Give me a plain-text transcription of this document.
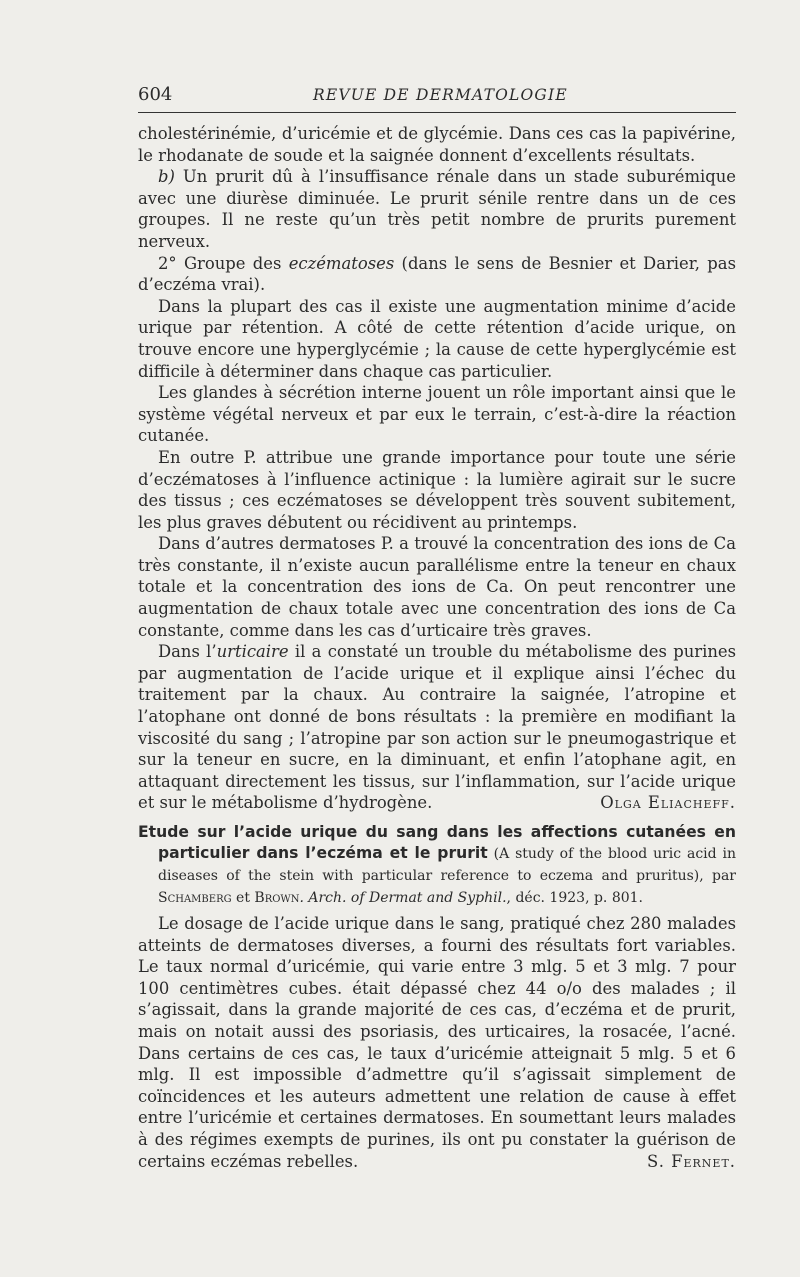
604	REVUE DE DERMATOLOGIE

cholestérinémie, d’uricémie et de glycémie. Dans ces cas la papivérine, le rhodanate de soude et la saignée donnent d’excellents résultats.

b) Un prurit dû à l’insuffisance rénale dans un stade suburémique avec une diurèse diminuée. Le prurit sénile rentre dans un de ces groupes. Il ne reste qu’un très petit nombre de prurits purement nerveux.

2° Groupe des eczématoses (dans le sens de Besnier et Darier, pas d’eczéma vrai).

Dans la plupart des cas il existe une augmentation minime d’acide urique par rétention. A côté de cette rétention d’acide urique, on trouve encore une hyperglycémie ; la cause de cette hyperglycémie est difficile à déterminer dans chaque cas particulier.

Les glandes à sécrétion interne jouent un rôle important ainsi que le système végétal nerveux et par eux le terrain, c’est-à-dire la réaction cutanée.

En outre P. attribue une grande importance pour toute une série d’eczématoses à l’influence actinique : la lumière agirait sur le sucre des tissus ; ces eczématoses se développent très souvent subitement, les plus graves débutent ou récidivent au printemps.

Dans d’autres dermatoses P. a trouvé la concentration des ions de Ca très constante, il n’existe aucun parallélisme entre la teneur en chaux totale et la concentration des ions de Ca. On peut rencontrer une augmentation de chaux totale avec une concentration des ions de Ca constante, comme dans les cas d’urticaire très graves.

Dans l’urticaire il a constaté un trouble du métabolisme des purines par augmentation de l’acide urique et il explique ainsi l’échec du traitement par la chaux. Au contraire la saignée, l’atropine et l’atophane ont donné de bons résultats : la première en modifiant la viscosité du sang ; l’atropine par son action sur le pneumogastrique et sur la teneur en sucre, en la diminuant, et enfin l’atophane agit, en attaquant directement les tissus, sur l’inflammation, sur l’acide urique et sur le métabolisme d’hydrogène.	Olga Eliacheff.

Etude sur l’acide urique du sang dans les affections cutanées en particulier dans l’eczéma et le prurit (A study of the blood uric acid in diseases of the stein with particular reference to eczema and pruritus), par Schamberg et Brown. Arch. of Dermat and Syphil., déc. 1923, p. 801.

Le dosage de l’acide urique dans le sang, pratiqué chez 280 malades atteints de dermatoses diverses, a fourni des résultats fort variables. Le taux normal d’uricémie, qui varie entre 3 mlg. 5 et 3 mlg. 7 pour 100 centimètres cubes. était dépassé chez 44 o/o des malades ; il s’agissait, dans la grande majorité de ces cas, d’eczéma et de prurit, mais on notait aussi des psoriasis, des urticaires, la rosacée, l’acné. Dans certains de ces cas, le taux d’uricémie atteignait 5 mlg. 5 et 6 mlg. Il est impossible d’admettre qu’il s’agissait simplement de coïncidences et les auteurs admettent une relation de cause à effet entre l’uricémie et certaines dermatoses. En soumettant leurs malades à des régimes exempts de purines, ils ont pu constater la guérison de certains eczémas rebelles.	S. Fernet.
